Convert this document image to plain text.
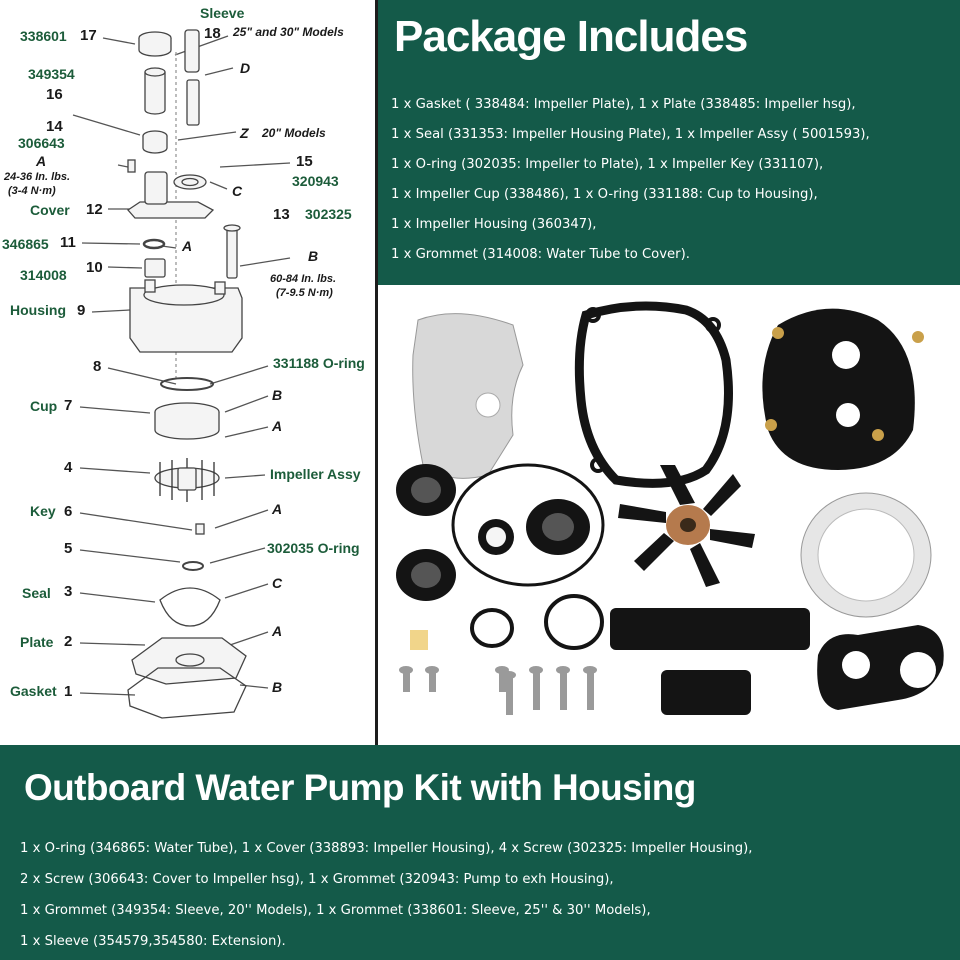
Sleeve
18 25" and 30" Models
338601 17
349354	D
16
Z 20" Models
14
306643
A
24-36 In. lbs.
(3-4 N·m)
15
C
320943
Cover 12	13 302325
346865 11	A
B
314008 10
60-84 In. lbs.
(7-9.5 N·m)
Housing 9
331188 O-ring
8
Cup 7
B
A
4	Impeller Assy
Key 6	A
5	302035 O-ring
Seal 3	C
Plate 2
A
Gasket 1	B
Package Includes
1 x Gasket ( 338484: Impeller Plate), 1 x Plate (338485: Impeller hsg),
1 x Seal (331353: Impeller Housing Plate), 1 x Impeller Assy ( 5001593),
1 x O-ring (302035: Impeller to Plate), 1 x Impeller Key (331107),
1 x Impeller Cup (338486), 1 x O-ring (331188: Cup to Housing),
1 x Impeller Housing (360347),
1 x Grommet (314008: Water Tube to Cover).
Outboard Water Pump Kit with Housing
1 x O-ring (346865: Water Tube), 1 x Cover (338893: Impeller Housing), 4 x Screw (302325: Impeller Housing),
2 x Screw (306643: Cover to Impeller hsg), 1 x Grommet (320943: Pump to exh Housing),
1 x Grommet (349354: Sleeve, 20'' Models), 1 x Grommet (338601: Sleeve, 25'' & 30'' Models),
1 x Sleeve (354579,354580: Extension).
